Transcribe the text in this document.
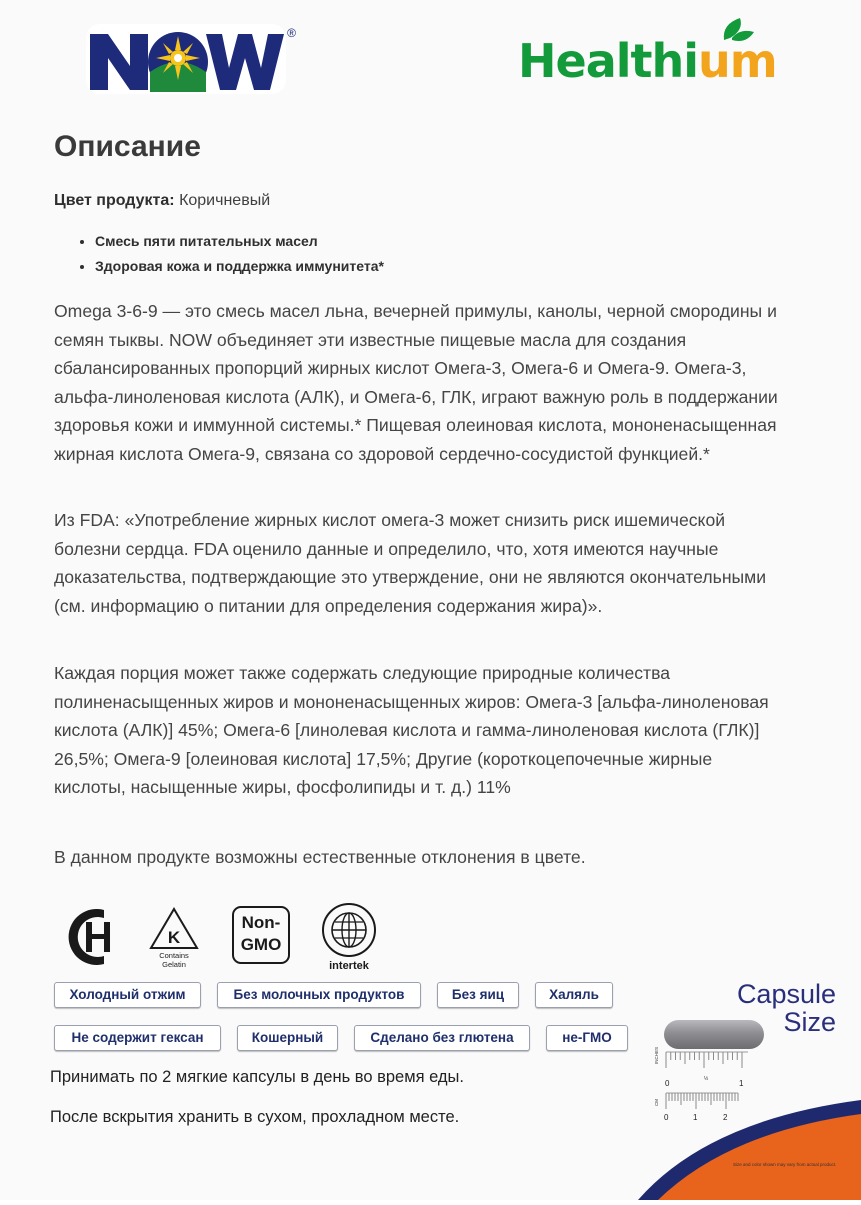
®
Healthium
Описание
Цвет продукта: Коричневый
• Смесь пяти питательных масел
• Здоровая кожа и поддержка иммунитета*

Omega 3-6-9 — это смесь масел льна, вечерней примулы, канолы, черной смородины и семян тыквы. NOW объединяет эти известные пищевые масла для создания сбалансированных пропорций жирных кислот Омега-3, Омега-6 и Омега-9. Омега-3, альфа-линоленовая кислота (АЛК), и Омега-6, ГЛК, играют важную роль в поддержании здоровья кожи и иммунной системы.* Пищевая олеиновая кислота, мононенасыщенная жирная кислота Омега-9, связана со здоровой сердечно-сосудистой функцией.*

Из FDA: «Употребление жирных кислот омега-3 может снизить риск ишемической болезни сердца. FDA оценило данные и определило, что, хотя имеются научные доказательства, подтверждающие это утверждение, они не являются окончательными (см. информацию о питании для определения содержания жира)».

Каждая порция может также содержать следующие природные количества полиненасыщенных жиров и мононенасыщенных жиров: Омега-3 [альфа-линоленовая кислота (АЛК)] 45%; Омега-6 [линолевая кислота и гамма-линоленовая кислота (ГЛК)] 26,5%; Омега-9 [олеиновая кислота] 17,5%; Другие (короткоцепочечные жирные кислоты, насыщенные жиры, фосфолипиды и т. д.) 11%

В данном продукте возможны естественные отклонения в цвете.

K
Contains
Gelatin
Non-
GMO
intertek
Холодный отжим	Без молочных продуктов	Без яиц	Халяль
Не содержит гексан	Кошерный	Сделано без глютена	не-ГМО
Принимать по 2 мягкие капсулы в день во время еды.
После вскрытия хранить в сухом, прохладном месте.
Capsule
Size
INCHES
0	½	1
CM
0	1	2
Size and color shown may vary from actual product.
